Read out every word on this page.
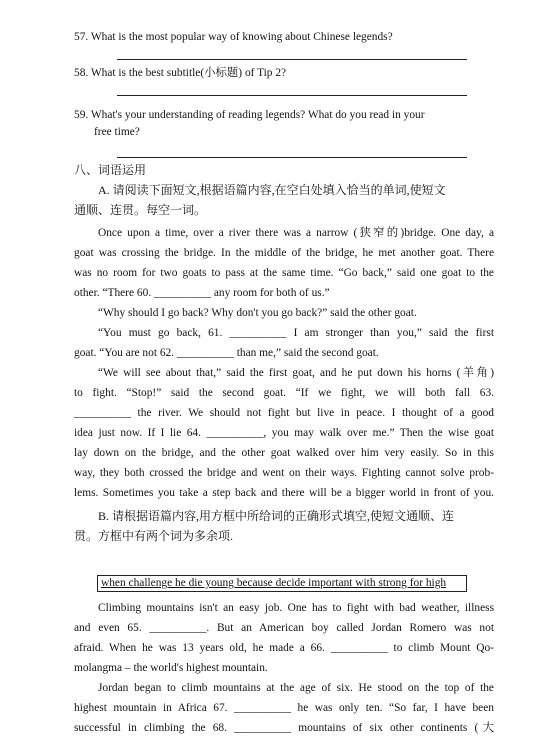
57. What is the most popular way of knowing about Chinese legends?
58. What is the best subtitle(小标题) of Tip 2?
59. What's your understanding of reading legends? What do you read in your
free time?
八、词语运用
A. 请阅读下面短文,根据语篇内容,在空白处填入恰当的单词,使短文
通顺、连贯。每空一词。
Once upon a time, over a river there was a narrow (狭窄的)bridge. One day, a
goat was crossing the bridge. In the middle of the bridge, he met another goat. There
was no room for two goats to pass at the same time. “Go back,” said one goat to the
other. “There 60. __________ any room for both of us.”
“Why should I go back? Why don't you go back?” said the other goat.
“You must go back, 61. __________ I am stronger than you,” said the first
goat. “You are not 62. __________ than me,” said the second goat.
“We will see about that,” said the first goat, and he put down his horns (羊角)
to fight. “Stop!” said the second goat. “If we fight, we will both fall 63.
__________ the river. We should not fight but live in peace. I thought of a good
idea just now. If I lie 64. __________, you may walk over me.” Then the wise goat
lay down on the bridge, and the other goat walked over him very easily. So in this
way, they both crossed the bridge and went on their ways. Fighting cannot solve prob-
lems. Sometimes you take a step back and there will be a bigger world in front of you.
B. 请根据语篇内容,用方框中所给词的正确形式填空,使短文通顺、连
贯。方框中有两个词为多余项.
when challenge he die young because decide important with strong for high
Climbing mountains isn't an easy job. One has to fight with bad weather, illness
and even 65. __________. But an American boy called Jordan Romero was not
afraid. When he was 13 years old, he made a 66. __________ to climb Mount Qo-
molangma – the world's highest mountain.
Jordan began to climb mountains at the age of six. He stood on the top of the
highest mountain in Africa 67. __________ he was only ten. “So far, I have been
successful in climbing the 68. __________ mountains of six other continents (大
